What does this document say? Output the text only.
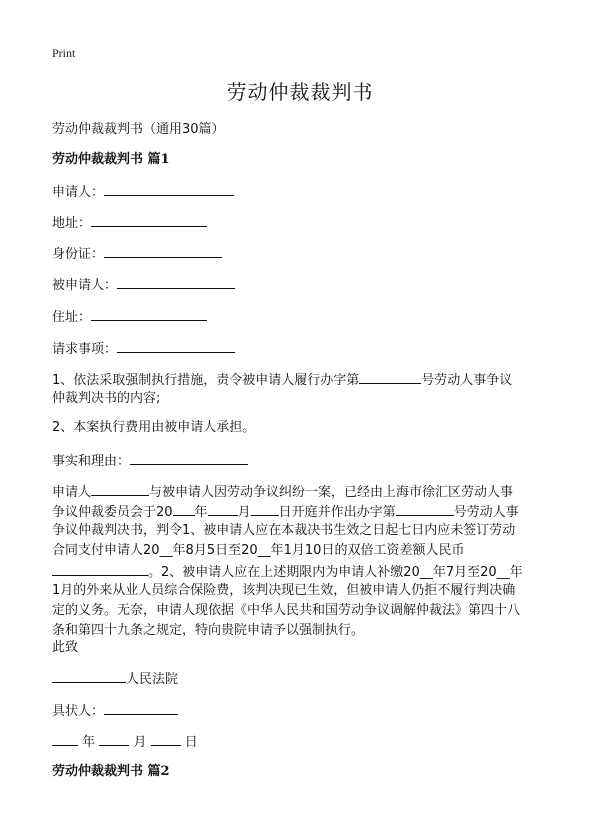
Print
劳动仲裁裁判书
劳动仲裁裁判书（通用30篇）
劳动仲裁裁判书 篇1
申请人：
地址：
身份证：
被申请人：
住址：
请求事项：
1、依法采取强制执行措施，责令被申请人履行办字第	号劳动人事争议
仲裁判决书的内容;
2、本案执行费用由被申请人承担。
事实和理由：
申请人	与被申请人因劳动争议纠纷一案，已经由上海市徐汇区劳动人事
争议仲裁委员会于20 年 月 日开庭并作出办字第	号劳动人事
争议仲裁判决书，判令1、被申请人应在本裁决书生效之日起七日内应未签订劳动
合同支付申请人20__年8月5日至20__年1月10日的双倍工资差额人民币
。2、被申请人应在上述期限内为申请人补缴20__年7月至20__年
1月的外来从业人员综合保险费，该判决现已生效，但被申请人仍拒不履行判决确
定的义务。无奈，申请人现依据《中华人民共和国劳动争议调解仲裁法》第四十八
条和第四十九条之规定，特向贵院申请予以强制执行。
此致
人民法院
具状人：
年	月	日
劳动仲裁裁判书 篇2
